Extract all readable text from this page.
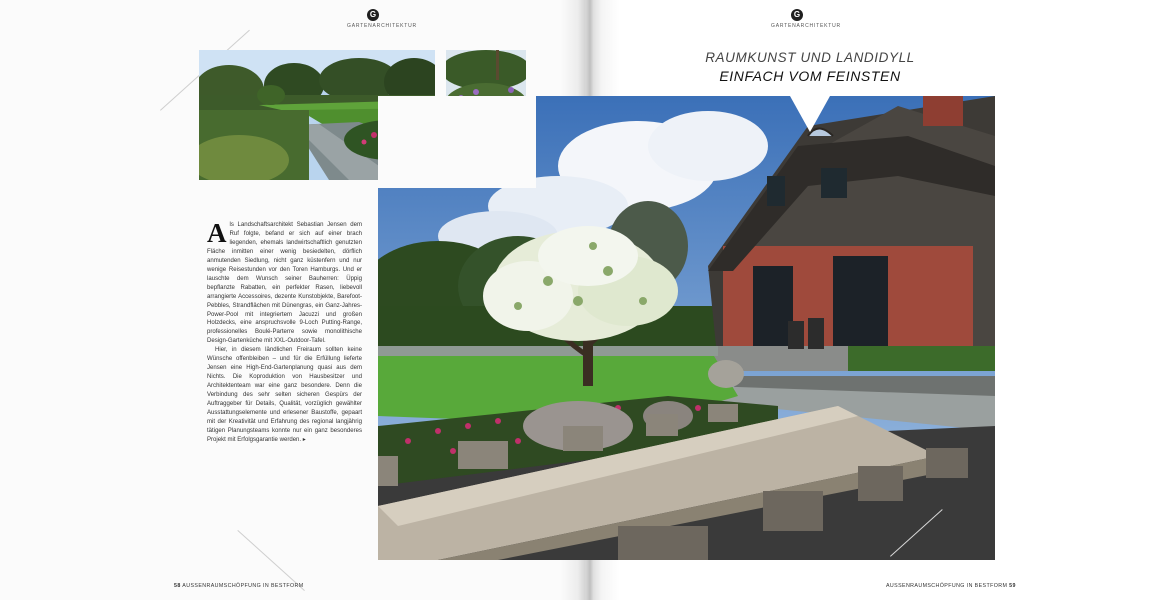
G
GARTENARCHITEKTUR
G
GARTENARCHITEKTUR
RAUMKUNST UND LANDIDYLL
EINFACH VOM FEINSTEN

Als Landschaftsarchitekt Sebastian Jensen dem Ruf folgte, befand er sich auf einer brach liegenden, ehemals landwirtschaftlich genutzten Fläche inmitten einer wenig besiedelten, dörflich anmutenden Siedlung, nicht ganz küstenfern und nur wenige Reisestunden vor den Toren Hamburgs. Und er lauschte dem Wunsch seiner Bauherren: Üppig bepflanzte Rabatten, ein perfekter Rasen, liebevoll arrangierte Accessoires, dezente Kunstobjekte, Barefoot-Pebbles, Strandflächen mit Dünengras, ein Ganz-Jahres-Power-Pool mit integriertem Jacuzzi und großen Holzdecks, eine anspruchsvolle 9-Loch Putting-Range, professionelles Boulé-Parterre sowie monolithische Design-Gartenküche mit XXL-Outdoor-Tafel.

Hier, in diesem ländlichen Freiraum sollten keine Wünsche offenbleiben – und für die Erfüllung lieferte Jensen eine High-End-Gartenplanung quasi aus dem Nichts. Die Koproduktion von Hausbesitzer und Architektenteam war eine ganz besondere. Denn die Verbindung des sehr selten sicheren Gespürs der Auftraggeber für Details, Qualität, vorzüglich gewählter Ausstattungselemente und erlesener Baustoffe, gepaart mit der Kreativität und Erfahrung des regional langjährig tätigen Planungsteams konnte nur ein ganz besonderes Projekt mit Erfolgsgarantie werden. ▸

58 AUSSENRAUMSCHÖPFUNG IN BESTFORM	AUSSENRAUMSCHÖPFUNG IN BESTFORM 59
